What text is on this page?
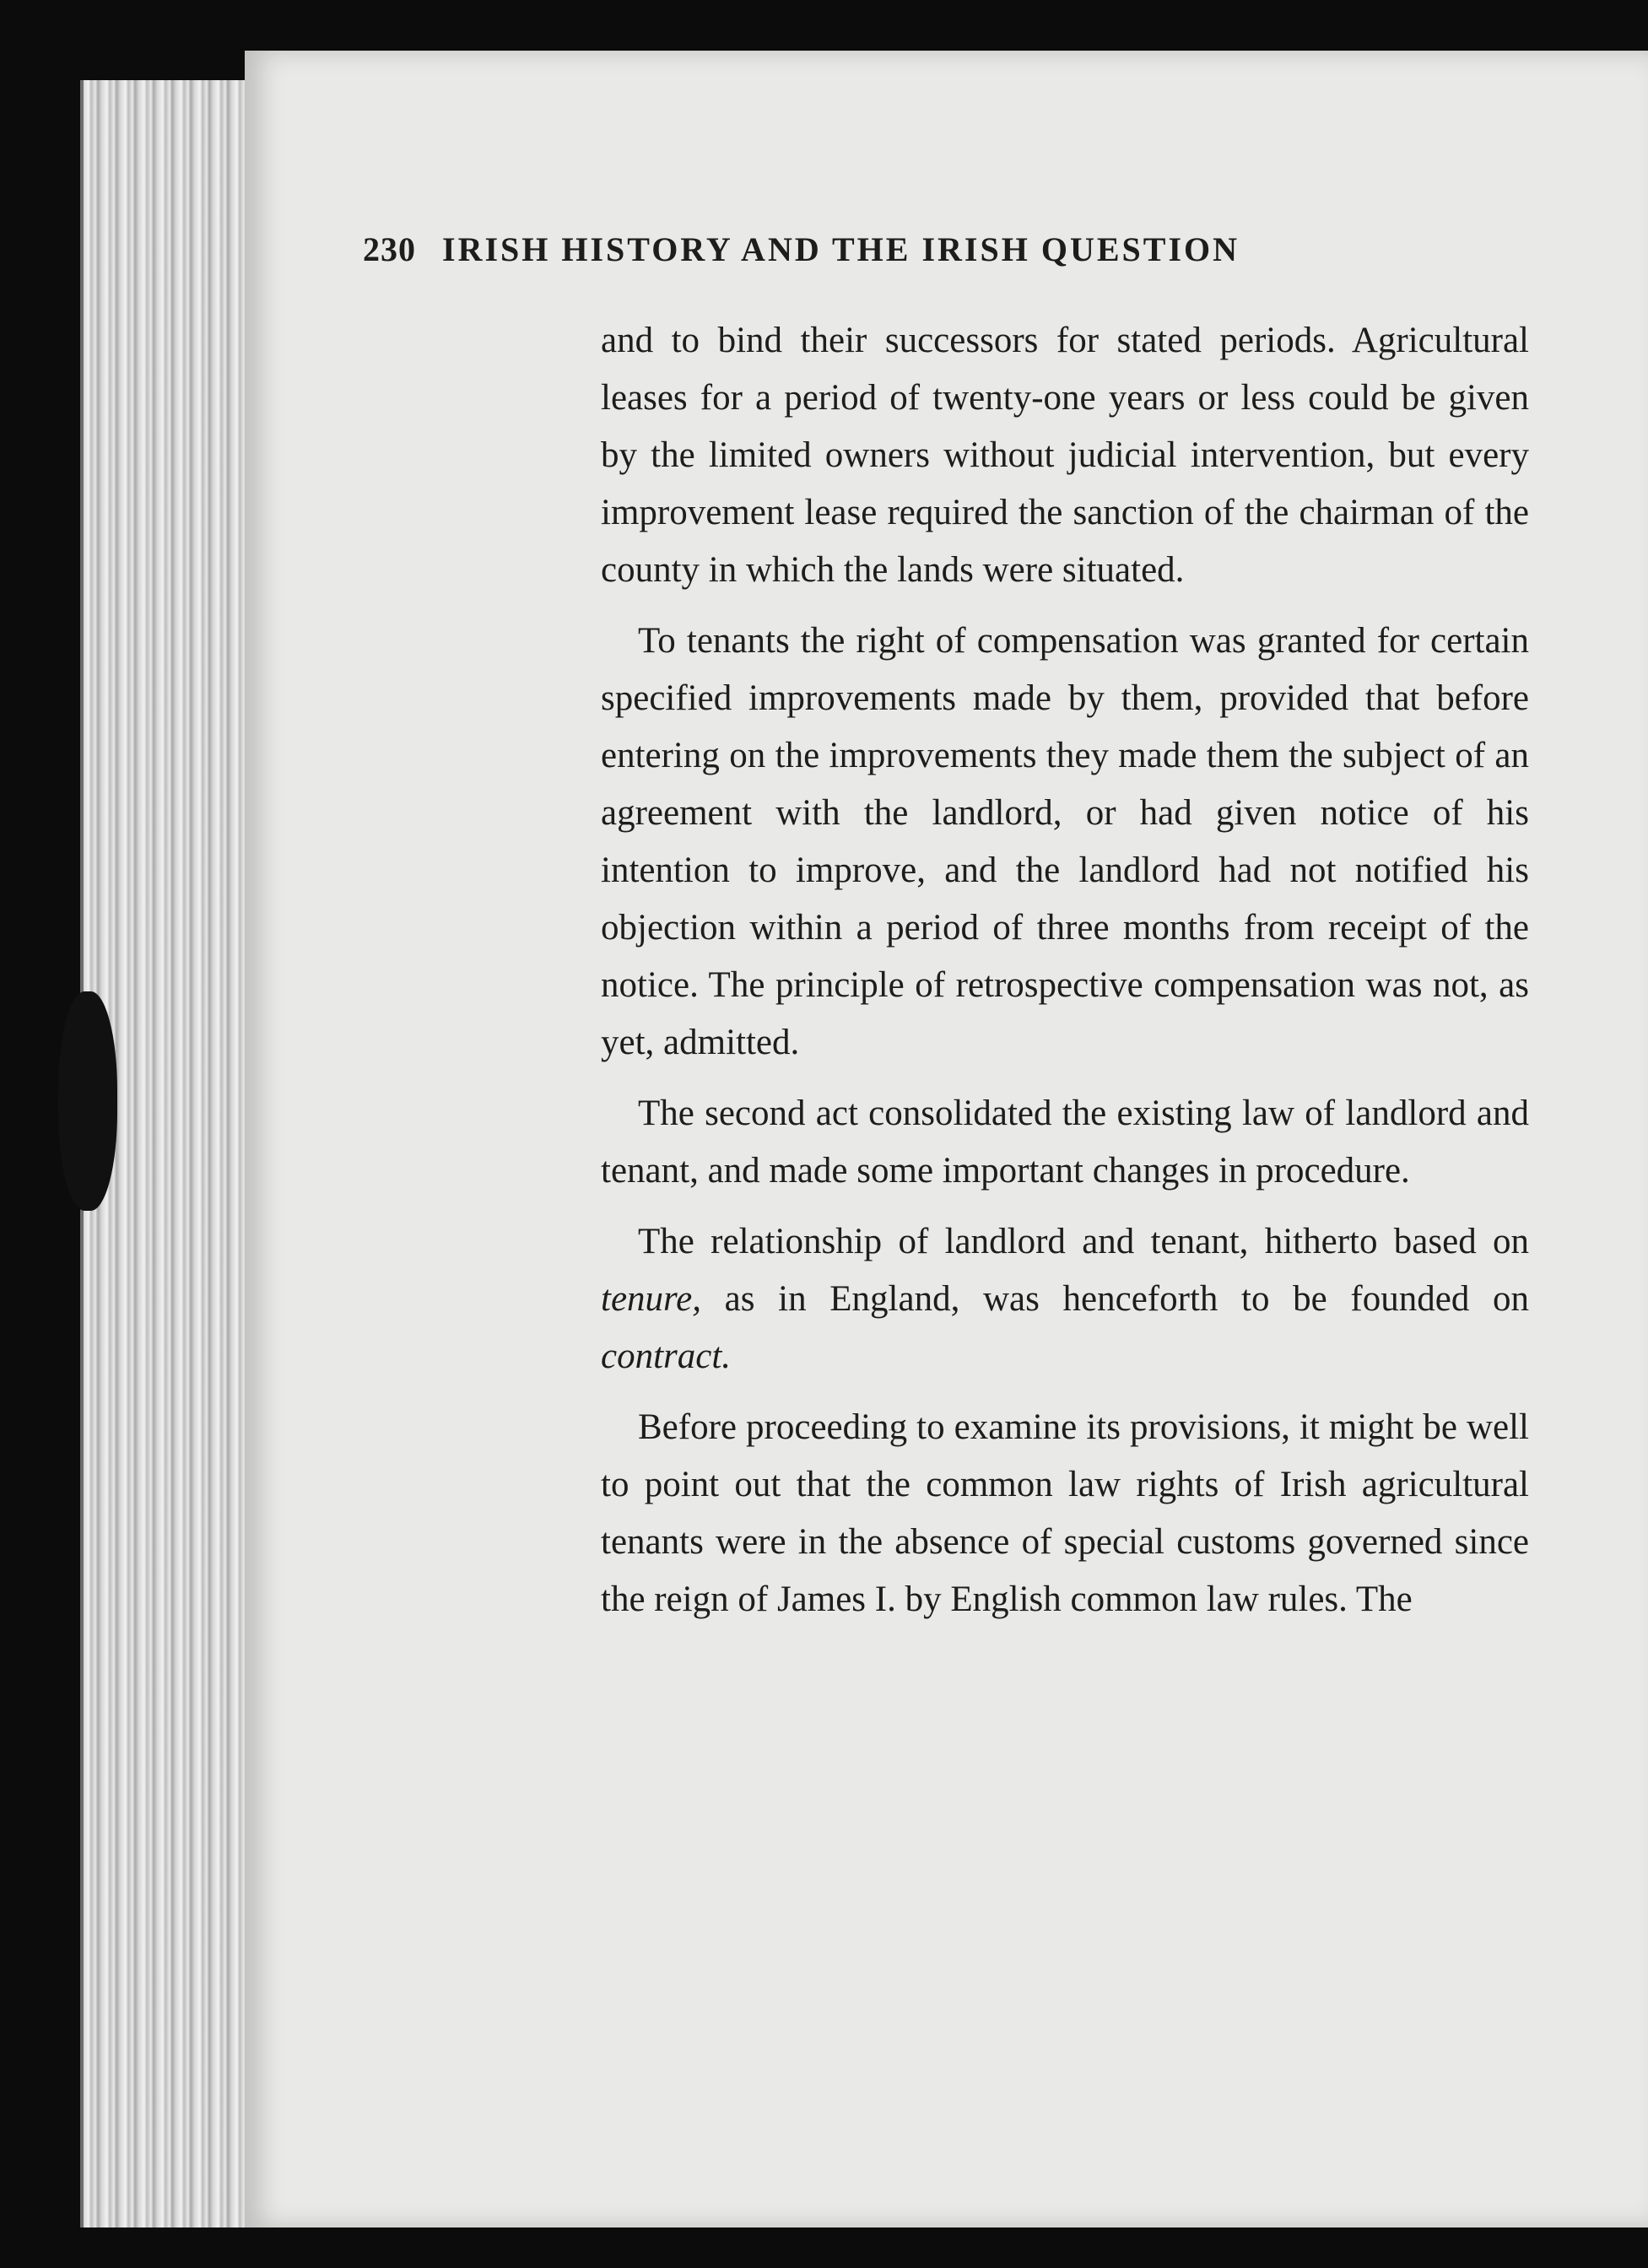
230 IRISH HISTORY AND THE IRISH QUESTION

and to bind their successors for stated periods. Agricultural leases for a period of twenty-one years or less could be given by the limited owners without judicial intervention, but every improvement lease required the sanction of the chairman of the county in which the lands were situated.

To tenants the right of compensation was granted for certain specified improvements made by them, provided that before entering on the improvements they made them the subject of an agreement with the landlord, or had given notice of his intention to improve, and the landlord had not notified his objection within a period of three months from receipt of the notice. The principle of retrospective compensation was not, as yet, admitted.

The second act consolidated the existing law of landlord and tenant, and made some important changes in procedure.

The relationship of landlord and tenant, hitherto based on tenure, as in England, was henceforth to be founded on contract.

Before proceeding to examine its provisions, it might be well to point out that the common law rights of Irish agricultural tenants were in the absence of special customs governed since the reign of James I. by English common law rules. The
